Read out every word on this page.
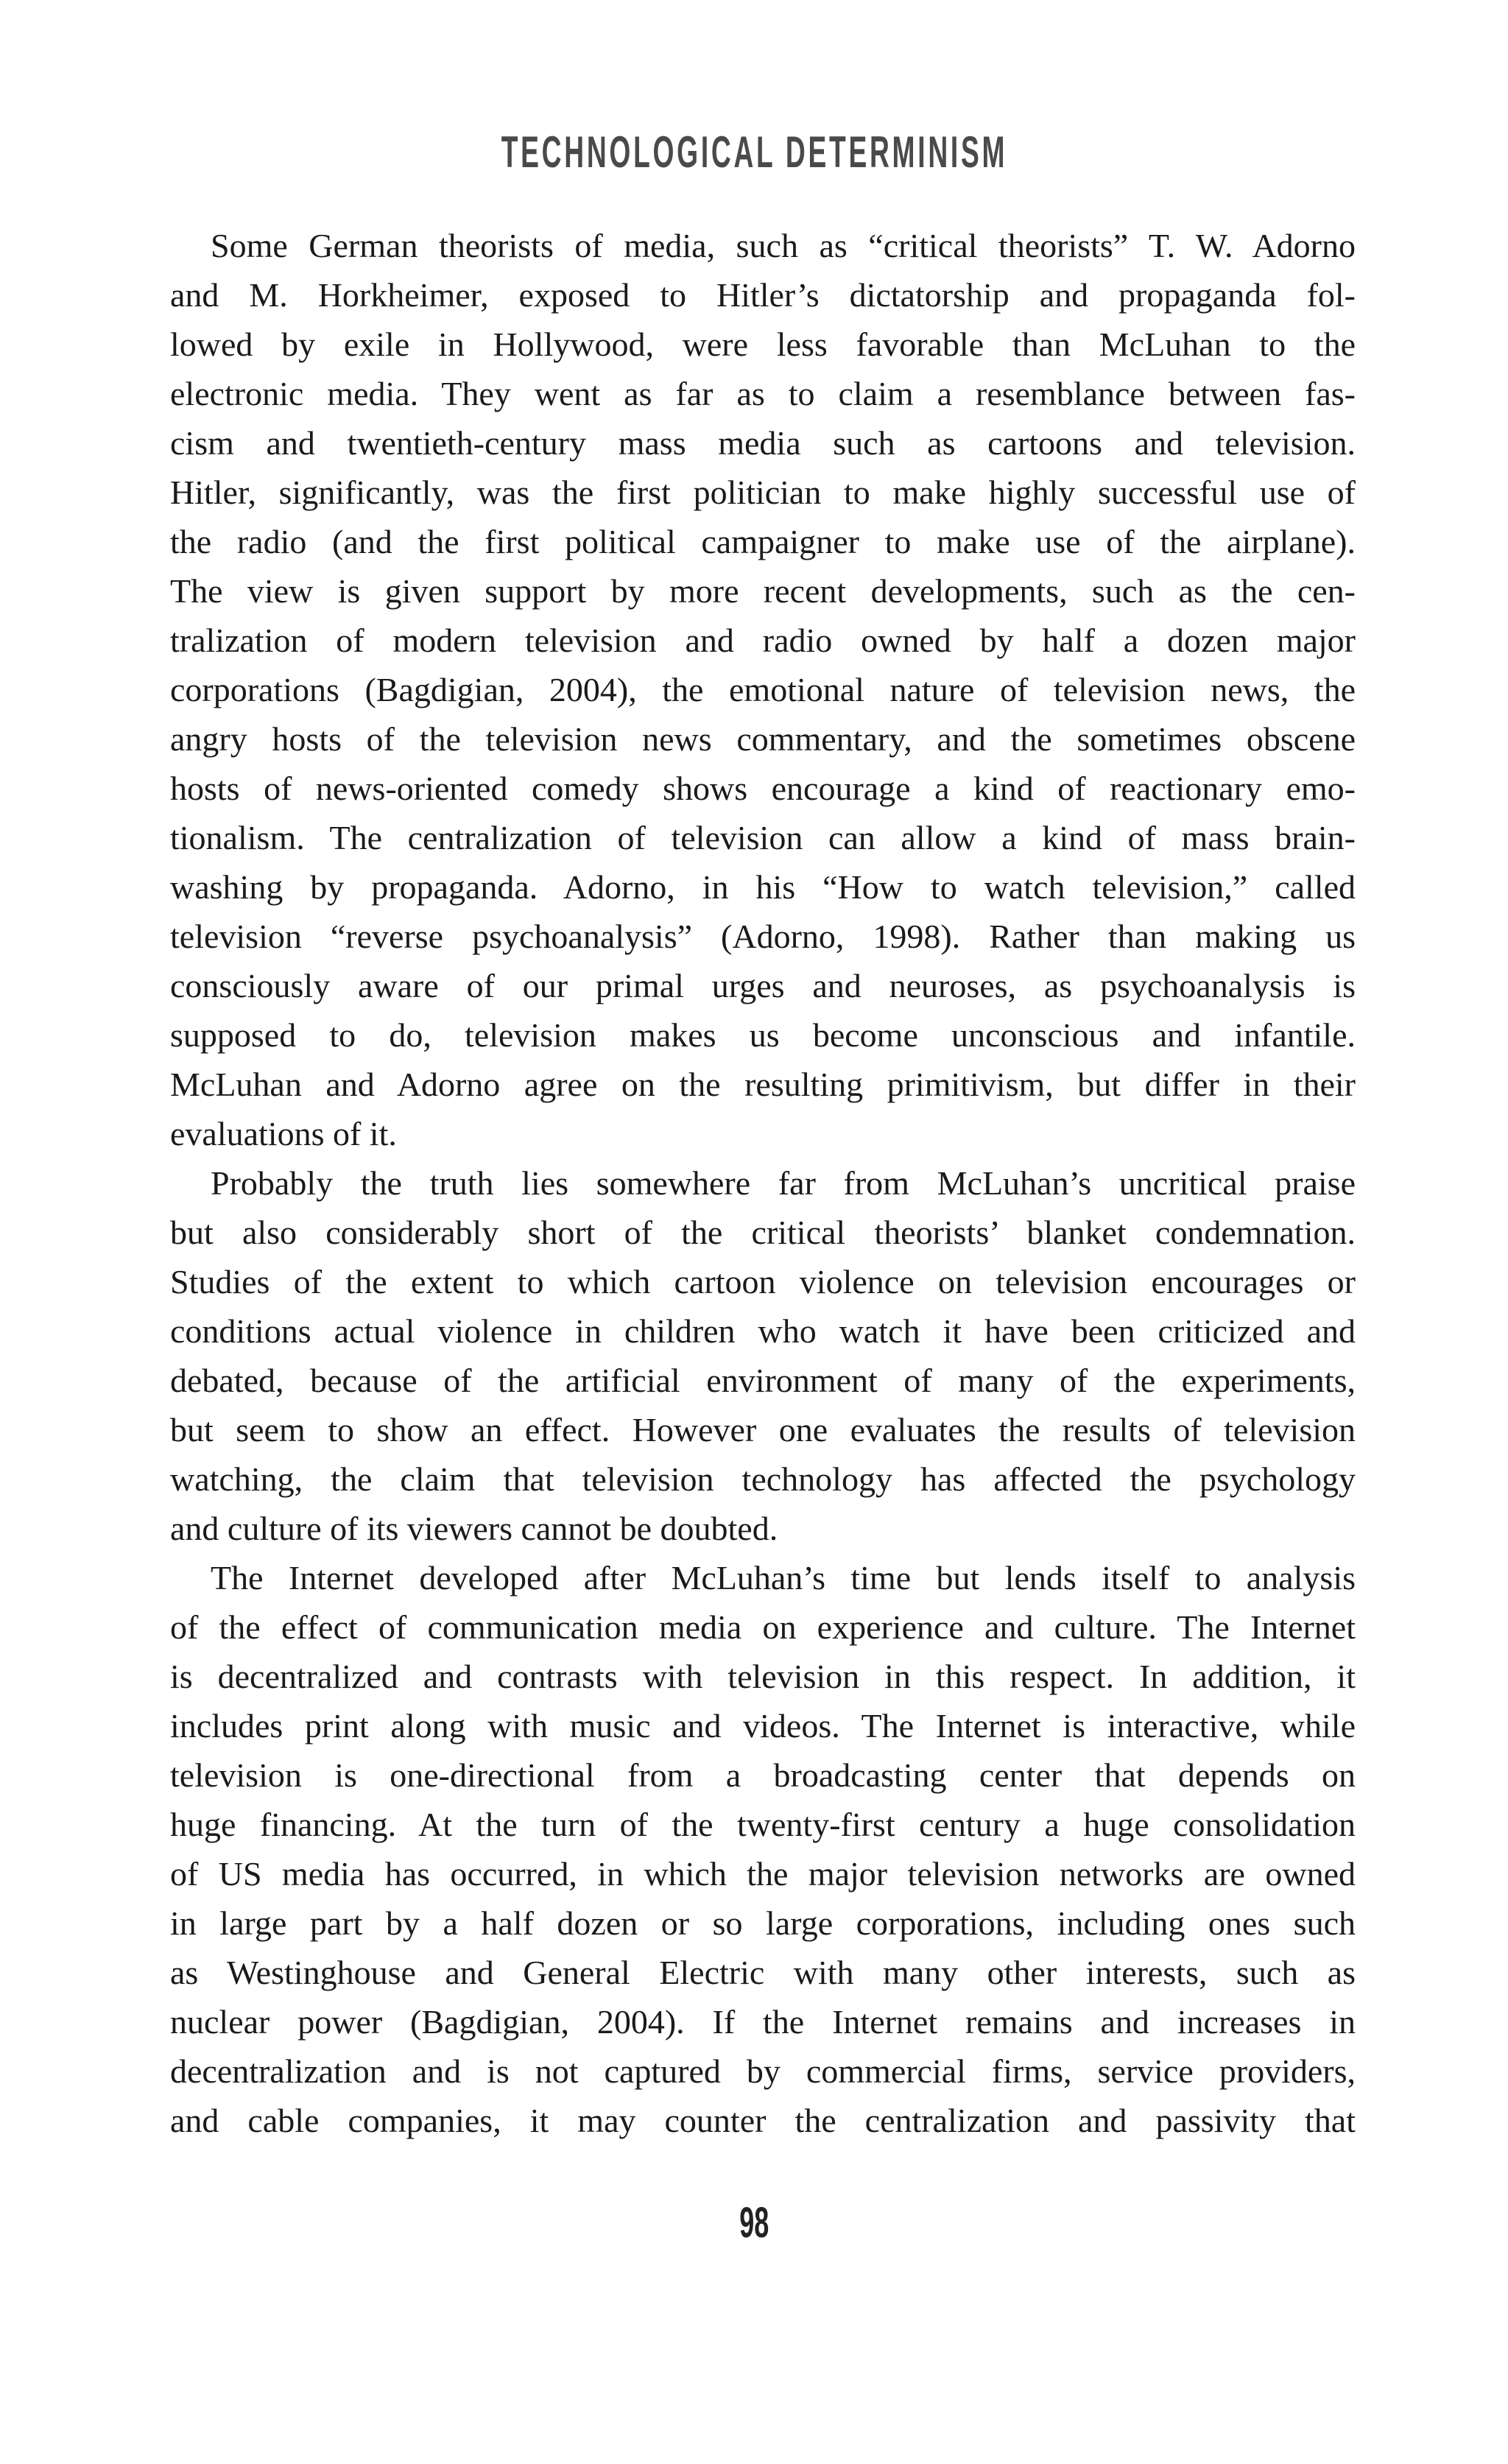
TECHNOLOGICAL DETERMINISM
Some German theorists of media, such as “critical theorists” T. W. Adorno
and M. Horkheimer, exposed to Hitler’s dictatorship and propaganda fol-
lowed by exile in Hollywood, were less favorable than McLuhan to the
electronic media. They went as far as to claim a resemblance between fas-
cism and twentieth-century mass media such as cartoons and television.
Hitler, significantly, was the first politician to make highly successful use of
the radio (and the first political campaigner to make use of the airplane).
The view is given support by more recent developments, such as the cen-
tralization of modern television and radio owned by half a dozen major
corporations (Bagdigian, 2004), the emotional nature of television news, the
angry hosts of the television news commentary, and the sometimes obscene
hosts of news-oriented comedy shows encourage a kind of reactionary emo-
tionalism. The centralization of television can allow a kind of mass brain-
washing by propaganda. Adorno, in his “How to watch television,” called
television “reverse psychoanalysis” (Adorno, 1998). Rather than making us
consciously aware of our primal urges and neuroses, as psychoanalysis is
supposed to do, television makes us become unconscious and infantile.
McLuhan and Adorno agree on the resulting primitivism, but differ in their
evaluations of it.
Probably the truth lies somewhere far from McLuhan’s uncritical praise
but also considerably short of the critical theorists’ blanket condemnation.
Studies of the extent to which cartoon violence on television encourages or
conditions actual violence in children who watch it have been criticized and
debated, because of the artificial environment of many of the experiments,
but seem to show an effect. However one evaluates the results of television
watching, the claim that television technology has affected the psychology
and culture of its viewers cannot be doubted.
The Internet developed after McLuhan’s time but lends itself to analysis
of the effect of communication media on experience and culture. The Internet
is decentralized and contrasts with television in this respect. In addition, it
includes print along with music and videos. The Internet is interactive, while
television is one-directional from a broadcasting center that depends on
huge financing. At the turn of the twenty-first century a huge consolidation
of US media has occurred, in which the major television networks are owned
in large part by a half dozen or so large corporations, including ones such
as Westinghouse and General Electric with many other interests, such as
nuclear power (Bagdigian, 2004). If the Internet remains and increases in
decentralization and is not captured by commercial firms, service providers,
and cable companies, it may counter the centralization and passivity that
98
